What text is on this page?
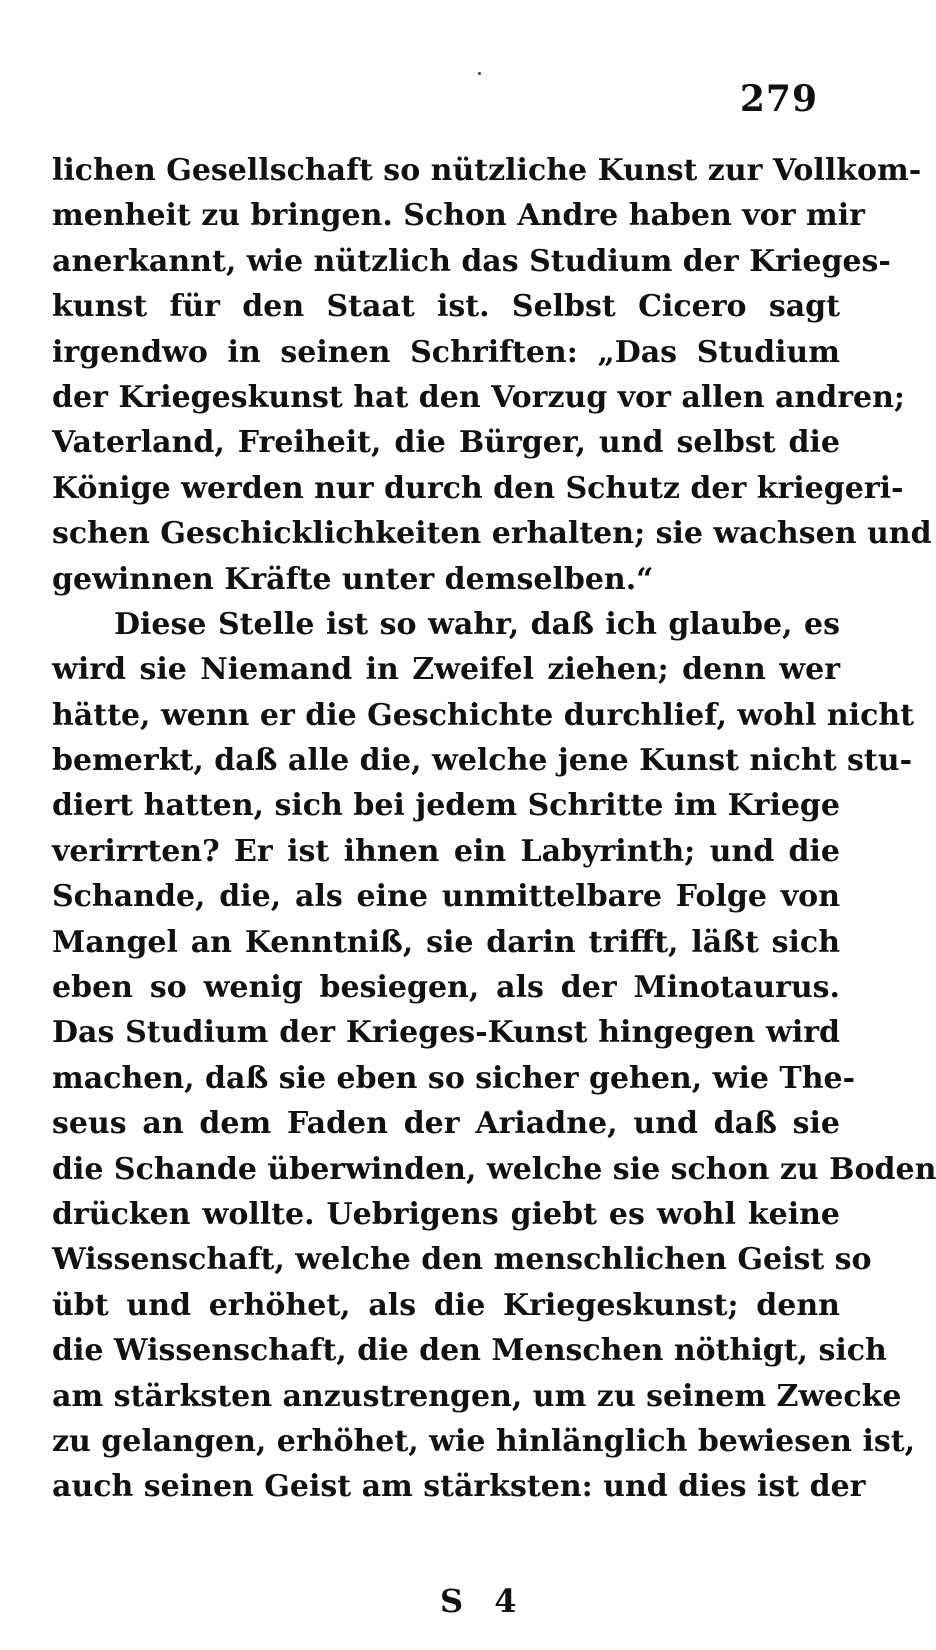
279
lichen Gesellschaft so nützliche Kunst zur Vollkom-
menheit zu bringen. Schon Andre haben vor mir
anerkannt, wie nützlich das Studium der Krieges-
kunst für den Staat ist. Selbst Cicero sagt
irgendwo in seinen Schriften: „Das Studium
der Kriegeskunst hat den Vorzug vor allen andren;
Vaterland, Freiheit, die Bürger, und selbst die
Könige werden nur durch den Schutz der kriegeri-
schen Geschicklichkeiten erhalten; sie wachsen und
gewinnen Kräfte unter demselben.“
Diese Stelle ist so wahr, daß ich glaube, es
wird sie Niemand in Zweifel ziehen; denn wer
hätte, wenn er die Geschichte durchlief, wohl nicht
bemerkt, daß alle die, welche jene Kunst nicht stu-
diert hatten, sich bei jedem Schritte im Kriege
verirrten? Er ist ihnen ein Labyrinth; und die
Schande, die, als eine unmittelbare Folge von
Mangel an Kenntniß, sie darin trifft, läßt sich
eben so wenig besiegen, als der Minotaurus.
Das Studium der Krieges-Kunst hingegen wird
machen, daß sie eben so sicher gehen, wie The-
seus an dem Faden der Ariadne, und daß sie
die Schande überwinden, welche sie schon zu Boden
drücken wollte. Uebrigens giebt es wohl keine
Wissenschaft, welche den menschlichen Geist so
übt und erhöhet, als die Kriegeskunst; denn
die Wissenschaft, die den Menschen nöthigt, sich
am stärksten anzustrengen, um zu seinem Zwecke
zu gelangen, erhöhet, wie hinlänglich bewiesen ist,
auch seinen Geist am stärksten: und dies ist der
S 4
